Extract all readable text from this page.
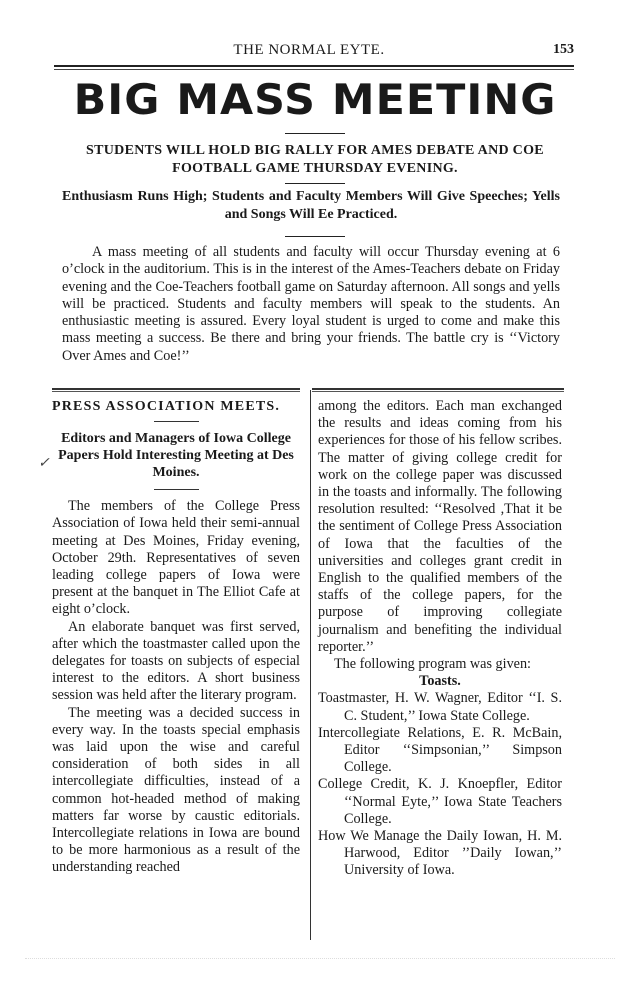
THE NORMAL EYTE.	153
BIG MASS MEETING
STUDENTS WILL HOLD BIG RALLY FOR AMES DEBATE AND COE FOOTBALL GAME THURSDAY EVENING.
Enthusiasm Runs High; Students and Faculty Members Will Give Speeches; Yells and Songs Will Ee Practiced.
A mass meeting of all students and faculty will occur Thursday evening at 6 o’clock in the auditorium. This is in the interest of the Ames-Teachers debate on Friday evening and the Coe-Teachers football game on Saturday afternoon. All songs and yells will be practiced. Students and faculty members will speak to the students. An enthusiastic meeting is assured. Every loyal student is urged to come and make this mass meeting a success. Be there and bring your friends. The battle cry is ‘‘Victory Over Ames and Coe!’’
✓
PRESS ASSOCIATION MEETS.
Editors and Managers of Iowa College Papers Hold Interesting Meeting at Des Moines.

The members of the College Press Association of Iowa held their semi-annual meeting at Des Moines, Friday evening, October 29th. Representatives of seven leading college papers of Iowa were present at the banquet in The Elliot Cafe at eight o’clock.

An elaborate banquet was first served, after which the toastmaster called upon the delegates for toasts on subjects of especial interest to the editors. A short business session was held after the literary program.

The meeting was a decided success in every way. In the toasts special emphasis was laid upon the wise and careful consideration of both sides in all intercollegiate difficulties, instead of a common hot-headed method of making matters far worse by caustic editorials. Intercollegiate relations in Iowa are bound to be more harmonious as a result of the understanding reached

among the editors. Each man exchanged the results and ideas coming from his experiences for those of his fellow scribes. The matter of giving college credit for work on the college paper was discussed in the toasts and informally. The following resolution resulted: ‘‘Resolved ,That it be the sentiment of College Press Association of Iowa that the faculties of the universities and colleges grant credit in English to the qualified members of the staffs of the college papers, for the purpose of improving collegiate journalism and benefiting the individual reporter.’’

The following program was given:

Toasts.

Toastmaster, H. W. Wagner, Editor ‘‘I. S. C. Student,’’ Iowa State College.

Intercollegiate Relations, E. R. McBain, Editor ‘‘Simpsonian,’’ Simpson College.

College Credit, K. J. Knoepfler, Editor ‘‘Normal Eyte,’’ Iowa State Teachers College.

How We Manage the Daily Iowan, H. M. Harwood, Editor ’’Daily Iowan,’’ University of Iowa.
